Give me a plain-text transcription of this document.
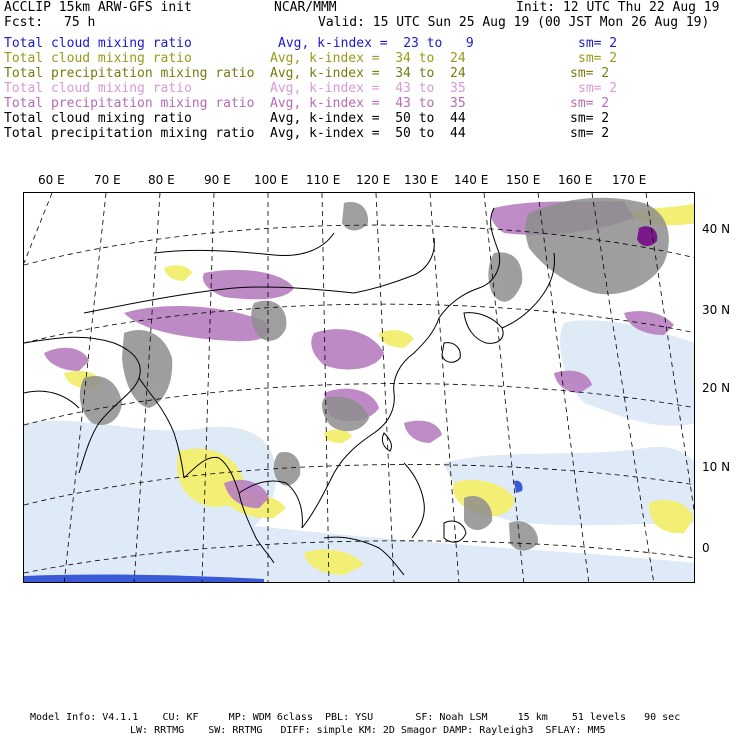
ACCLIP 15km ARW-GFS init	NCAR/MMM	Init: 12 UTC Thu 22 Aug 19
Fcst: 75 h	Valid: 15 UTC Sun 25 Aug 19 (00 JST Mon 26 Aug 19)
Total cloud mixing ratio	Avg, k-index =  23 to   9	sm= 2
Total cloud mixing ratio	Avg, k-index =  34 to  24	sm= 2
Total precipitation mixing ratio Avg, k-index =  34 to  24	sm= 2
Total cloud mixing ratio	Avg, k-index =  43 to  35	sm= 2
Total precipitation mixing ratio Avg, k-index =  43 to  35	sm= 2
Total cloud mixing ratio	Avg, k-index =  50 to  44	sm= 2
Total precipitation mixing ratio Avg, k-index =  50 to  44	sm= 2
60 E 70 E 80 E 90 E 100 E 110 E 120 E 130 E 140 E 150 E 160 E 170 E
40 N
30 N
20 N
10 N
0
Model Info: V4.1.1    CU: KF     MP: WDM 6class  PBL: YSU       SF: Noah LSM     15 km    51 levels   90 sec
LW: RRTMG    SW: RRTMG   DIFF: simple KM: 2D Smagor DAMP: Rayleigh3  SFLAY: MM5
